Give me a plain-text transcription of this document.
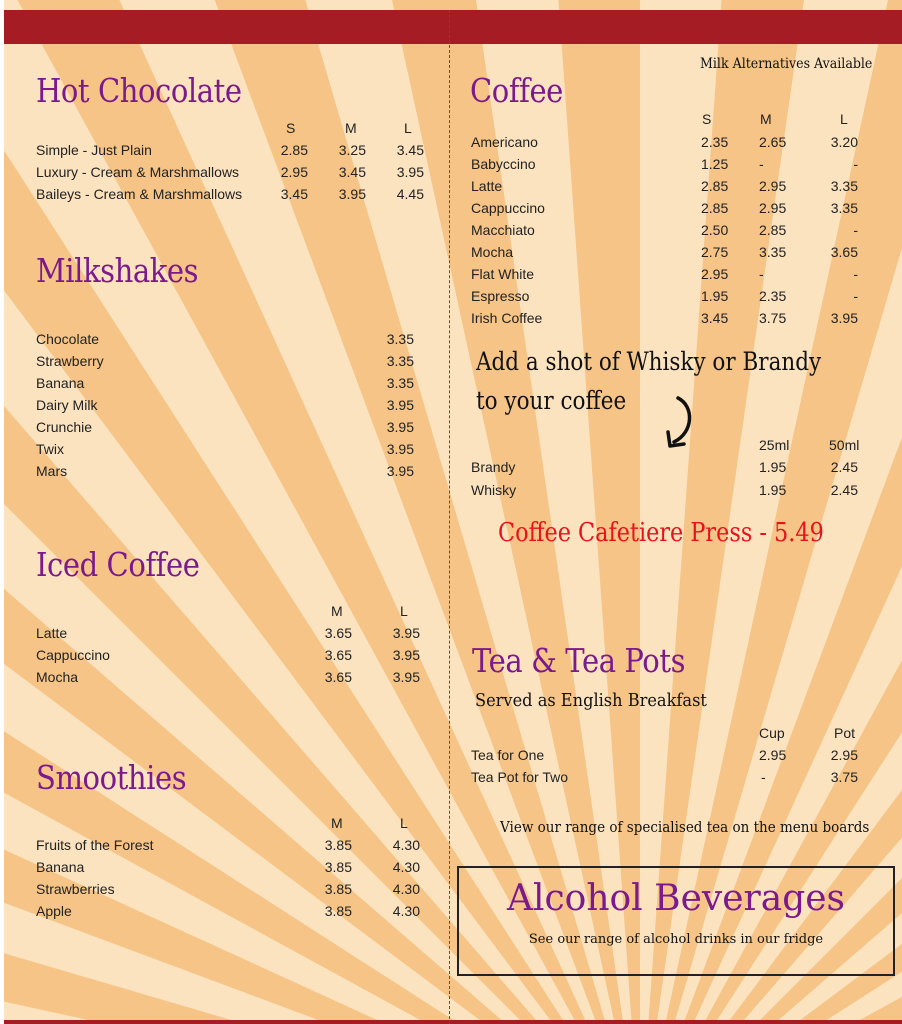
Hot Chocolate
S	M	L
Simple - Just Plain	2.85	3.25	3.45
Luxury - Cream & Marshmallows	2.95	3.45	3.95
Baileys - Cream & Marshmallows	3.45	3.95	4.45
Milkshakes
Chocolate	3.35
Strawberry	3.35
Banana	3.35
Dairy Milk	3.95
Crunchie	3.95
Twix	3.95
Mars	3.95
Iced Coffee
M	L
Latte	3.65	3.95
Cappuccino	3.65	3.95
Mocha	3.65	3.95
Smoothies
M	L
Fruits of the Forest	3.85	4.30
Banana	3.85	4.30
Strawberries	3.85	4.30
Apple	3.85	4.30
Coffee
Milk Alternatives Available
S	M	L
Americano	2.35 2.65	3.20
Babyccino	1.25 -	-
Latte	2.85 2.95	3.35
Cappuccino	2.85 2.95	3.35
Macchiato	2.50 2.85	-
Mocha	2.75 3.35	3.65
Flat White	2.95 -	-
Espresso	1.95 2.35	-
Irish Coffee	3.45 3.75	3.95
Add a shot of Whisky or Brandy
to your coffee
25ml	50ml
Brandy	1.95	2.45
Whisky	1.95	2.45
Coffee Cafetiere Press - 5.49
Tea & Tea Pots
Served as English Breakfast
Cup	Pot
Tea for One	2.95	2.95
Tea Pot for Two	-	3.75
View our range of specialised tea on the menu boards
Alcohol Beverages
See our range of alcohol drinks in our fridge
